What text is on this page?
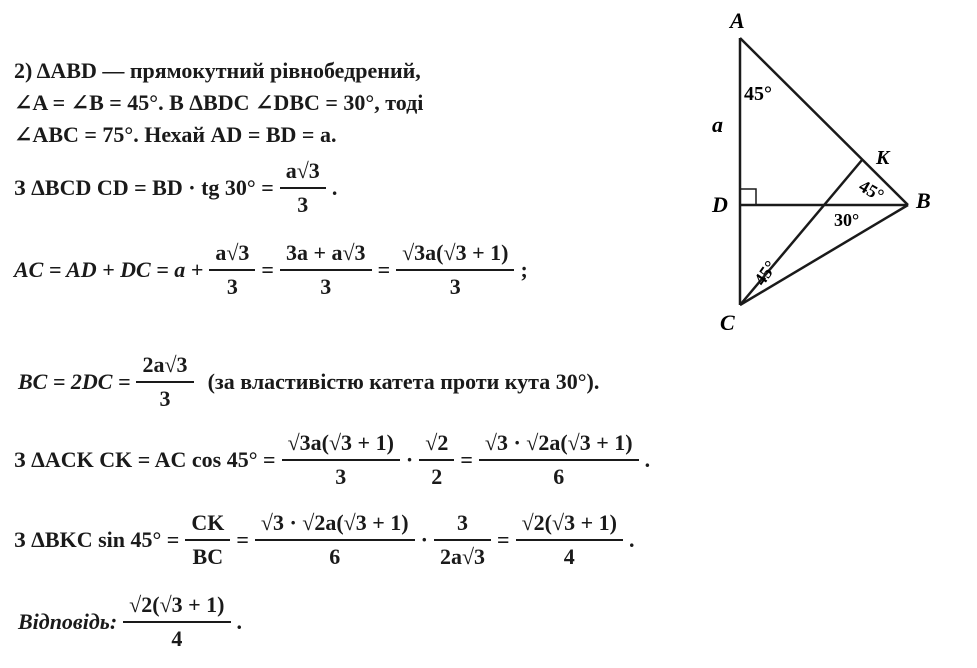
2) ΔABD — прямокутний рівнобедрений,
∠A = ∠B = 45°. В ΔBDC ∠DBC = 30°, тоді
∠ABC = 75°. Нехай AD = BD = a.
З ΔBCD CD = BD · tg $30^\circ = \frac{a√3}{3}$ .
AC = AD + DC = $a + \frac{a√3}{3} = \frac{3a + a√3}{3} = \frac{√3a(√3 + 1)}{3}$ ;
BC = $2DC = \frac{2a√3}{3} (за$ властивістю катета проти кута 30°).
З ΔACK CK = AC $\cos 45^\circ = \frac{√3a(√3 + 1)}{3} \cdot \frac{√2}{2} = \frac{√3 \cdot √2a(√3 + 1)}{6}$ .
З ΔBKC $\sin 45^\circ = \frac{CK}{BC} = \frac{√3 \cdot √2a(√3 + 1)}{6} \cdot \frac{3}{2a√3} = \frac{√2(√3 + 1)}{4}$ .
Відповідь: $\frac{√2(√3 + 1)}{4}$ .
A
B
C
D
K
a
45°
45°
30°
45°
